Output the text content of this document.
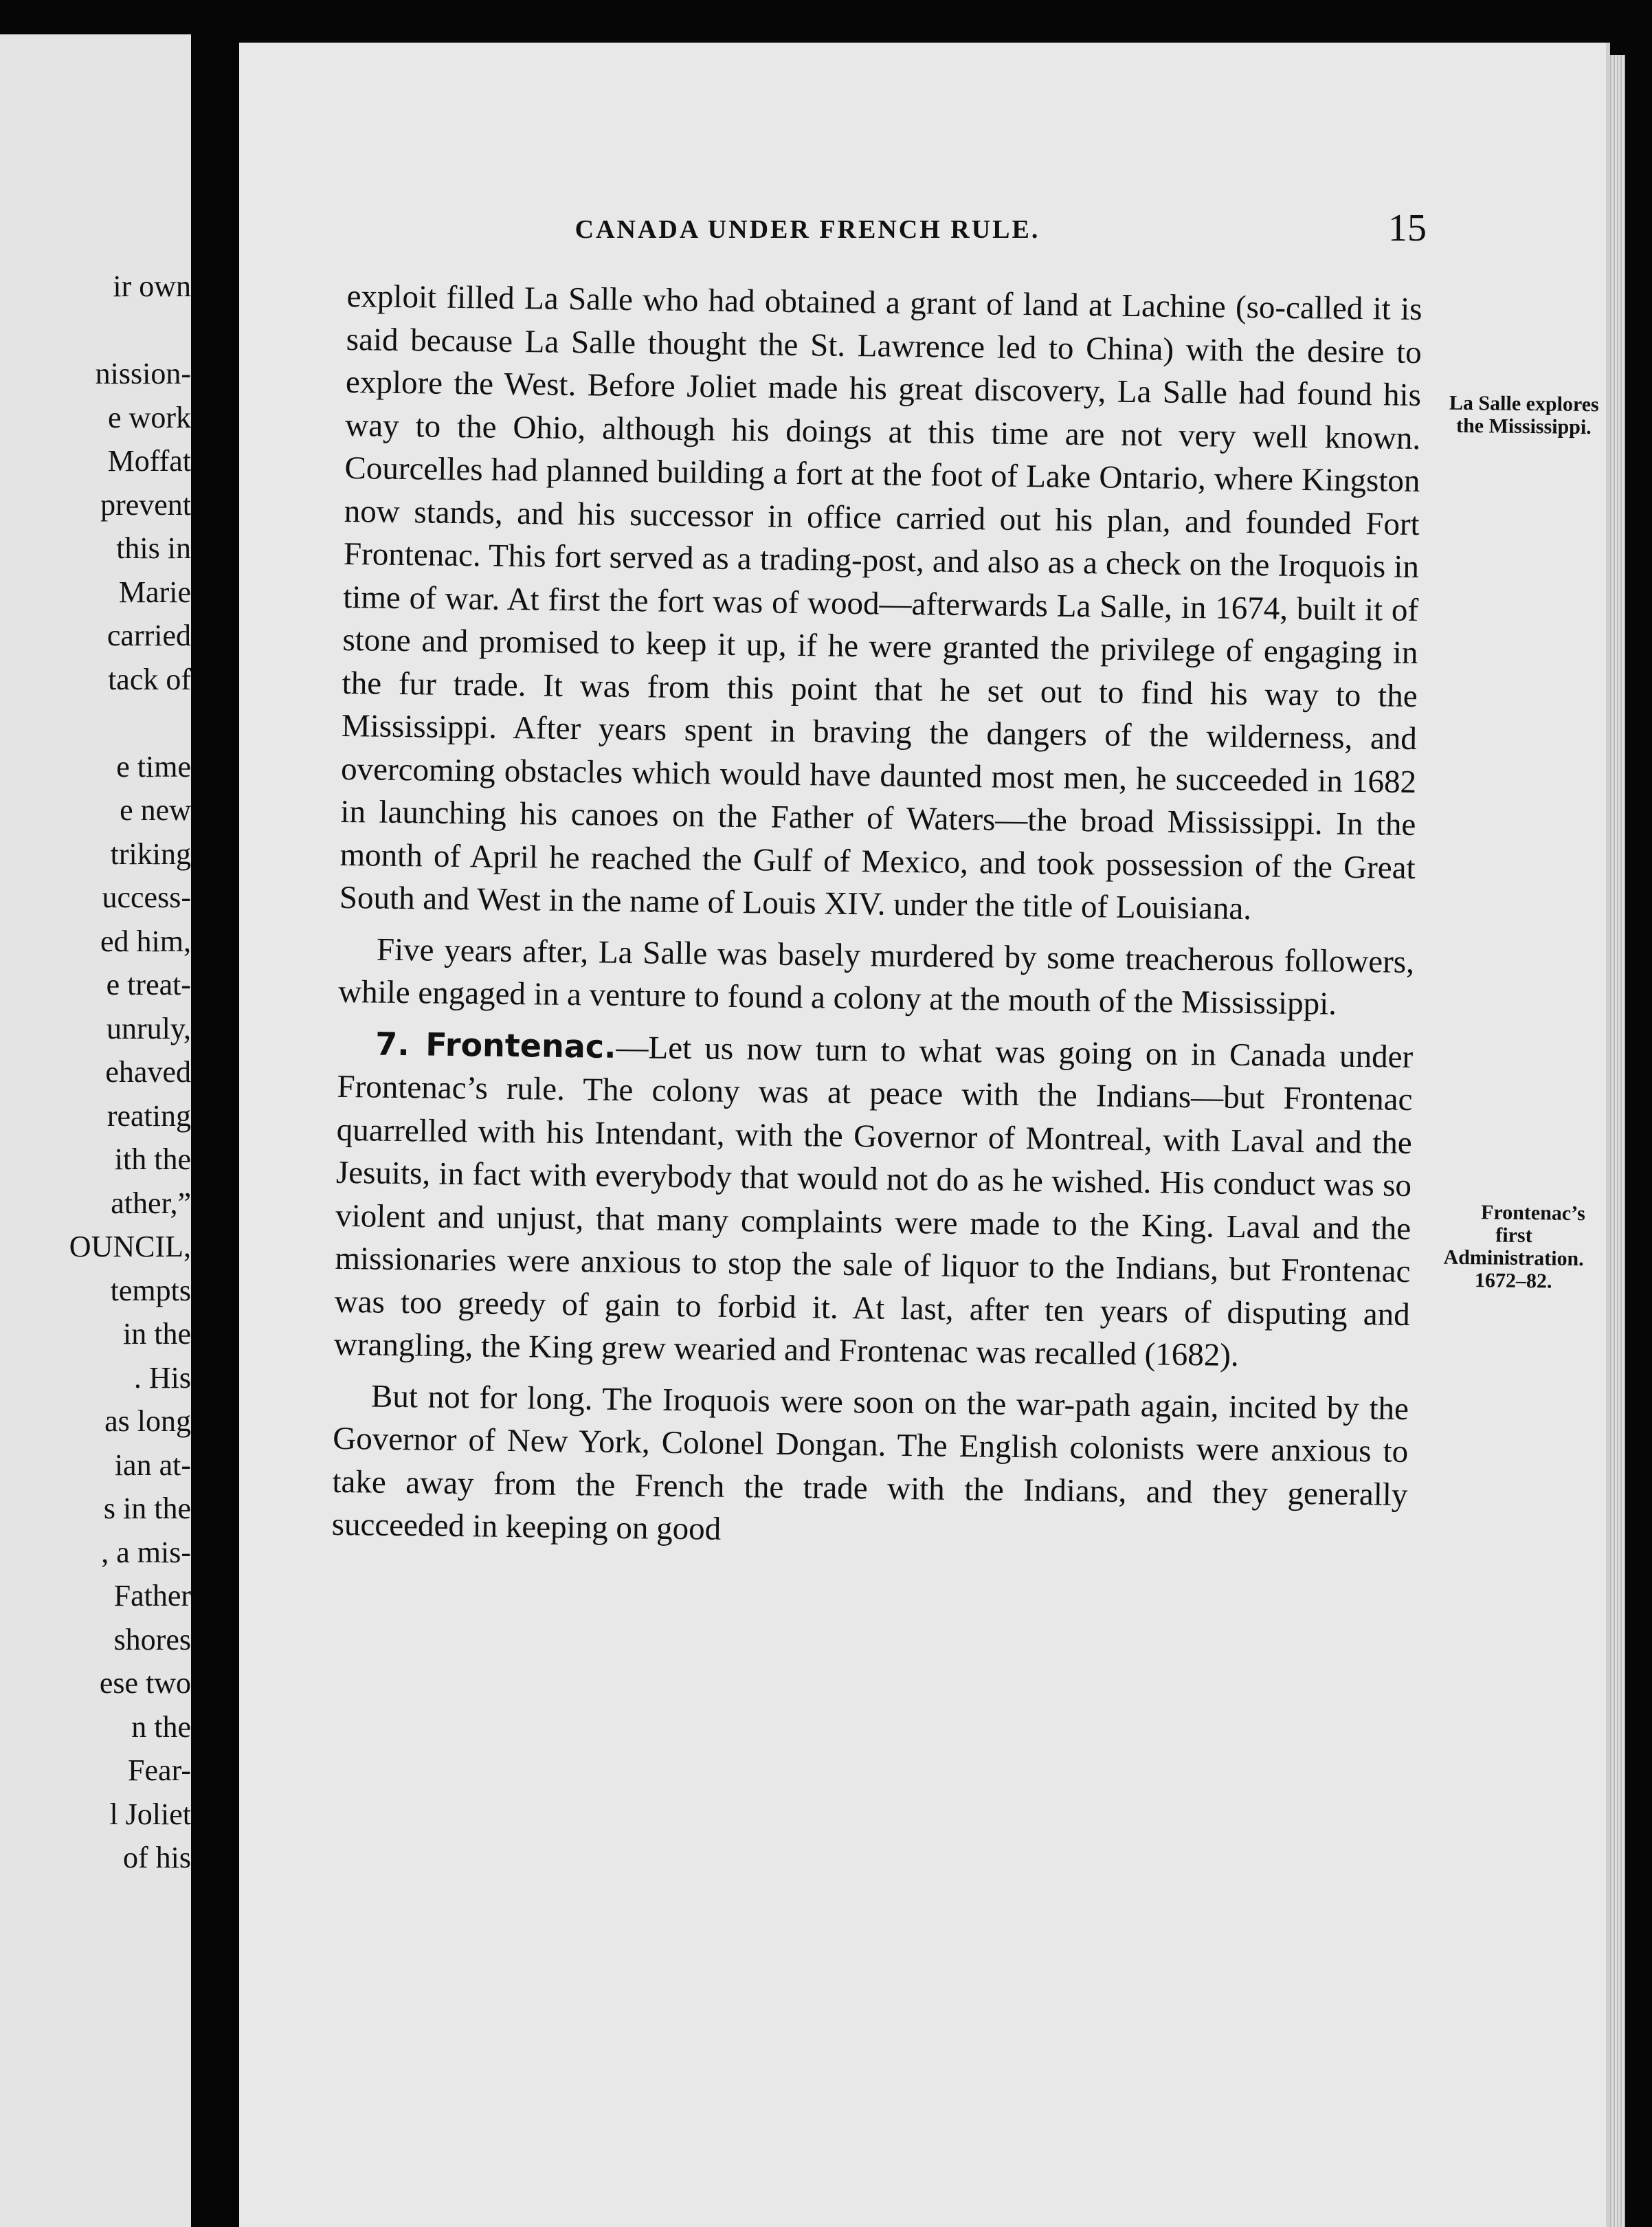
ir own
nission-
e work
Moffat
prevent
this in
Marie
carried
tack of
e time
e new
triking
uccess-
ed him,
e treat-
unruly,
ehaved
reating
ith the
ather,”
OUNCIL,
tempts
in the
. His
as long
ian at-
s in the
, a mis-
Father
shores
ese two
n the
Fear-
l Joliet
of his
CANADA UNDER FRENCH RULE.	15

La Salle explores the Mississippi.
exploit filled La Salle who had obtained a grant of land at Lachine (so-called it is said because La Salle thought the St. Lawrence led to China) with the desire to explore the West. Before Joliet made his great discovery, La Salle had found his way to the Ohio, although his doings at this time are not very well known. Courcelles had planned building a fort at the foot of Lake Ontario, where Kingston now stands, and his successor in office carried out his plan, and founded Fort Frontenac. This fort served as a trading-post, and also as a check on the Iroquois in time of war. At first the fort was of wood—afterwards La Salle, in 1674, built it of stone and promised to keep it up, if he were granted the privilege of engaging in the fur trade. It was from this point that he set out to find his way to the Mississippi. After years spent in braving the dangers of the wilderness, and overcoming obstacles which would have daunted most men, he succeeded in 1682 in launching his canoes on the Father of Waters—the broad Mississippi. In the month of April he reached the Gulf of Mexico, and took possession of the Great South and West in the name of Louis XIV. under the title of Louisiana.

Five years after, La Salle was basely murdered by some treacherous followers, while engaged in a venture to found a colony at the mouth of the Mississippi.

Frontenac’s first Administration.
1672–82.
7. Frontenac.—Let us now turn to what was going on in Canada under Frontenac’s rule. The colony was at peace with the Indians—but Frontenac quarrelled with his Intendant, with the Governor of Montreal, with Laval and the Jesuits, in fact with everybody that would not do as he wished. His conduct was so violent and unjust, that many complaints were made to the King. Laval and the missionaries were anxious to stop the sale of liquor to the Indians, but Frontenac was too greedy of gain to forbid it. At last, after ten years of disputing and wrangling, the King grew wearied and Frontenac was recalled (1682).

But not for long. The Iroquois were soon on the war-path again, incited by the Governor of New York, Colonel Dongan. The English colonists were anxious to take away from the French the trade with the Indians, and they generally succeeded in keeping on good
